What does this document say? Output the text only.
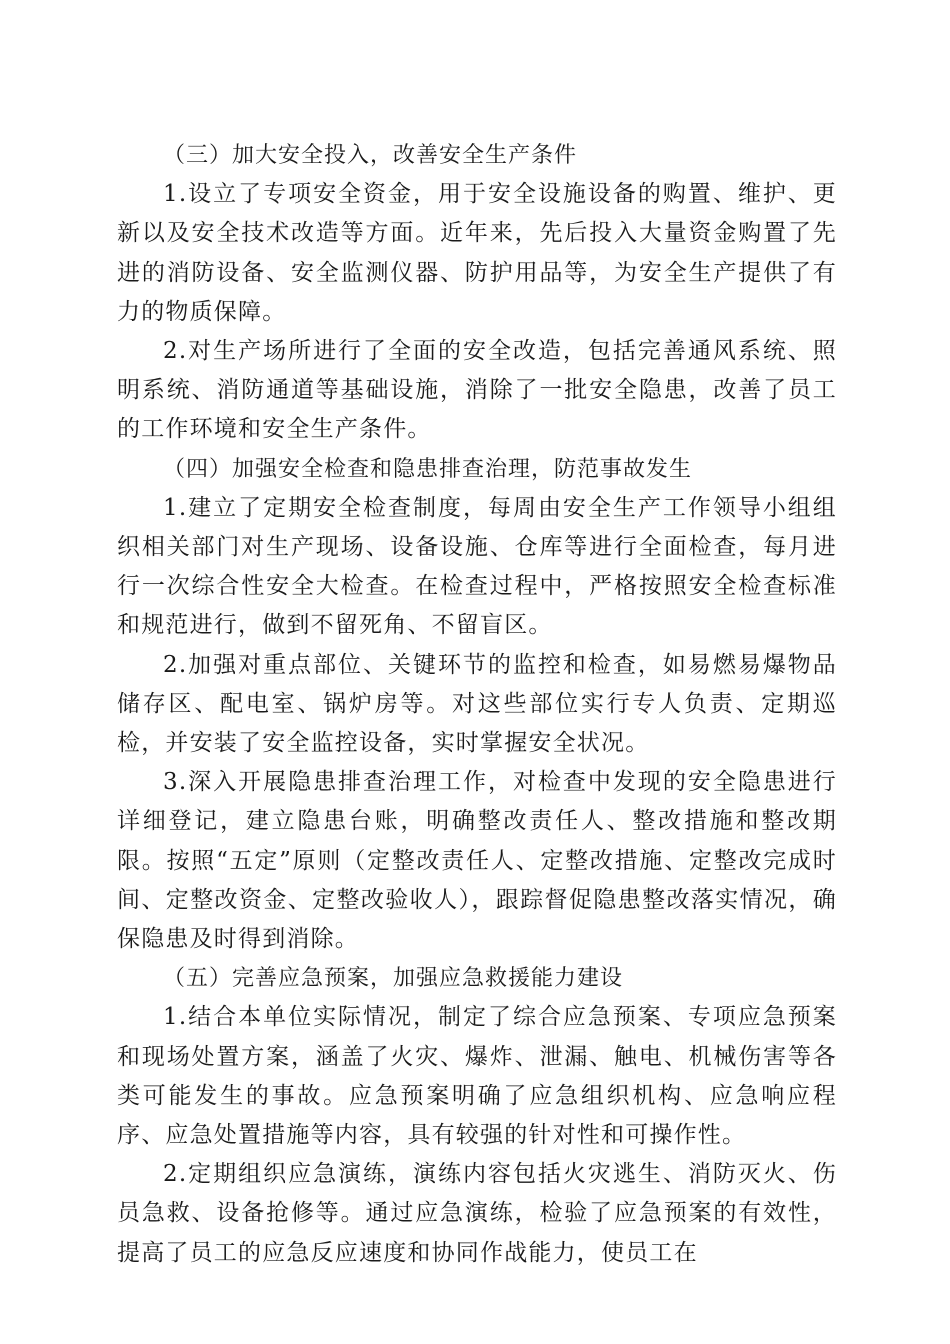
（三）加大安全投入，改善安全生产条件

1.设立了专项安全资金，用于安全设施设备的购置、维护、更新以及安全技术改造等方面。近年来，先后投入大量资金购置了先进的消防设备、安全监测仪器、防护用品等，为安全生产提供了有力的物质保障。

2.对生产场所进行了全面的安全改造，包括完善通风系统、照明系统、消防通道等基础设施，消除了一批安全隐患，改善了员工的工作环境和安全生产条件。

（四）加强安全检查和隐患排查治理，防范事故发生

1.建立了定期安全检查制度，每周由安全生产工作领导小组组织相关部门对生产现场、设备设施、仓库等进行全面检查，每月进行一次综合性安全大检查。在检查过程中，严格按照安全检查标准和规范进行，做到不留死角、不留盲区。

2.加强对重点部位、关键环节的监控和检查，如易燃易爆物品储存区、配电室、锅炉房等。对这些部位实行专人负责、定期巡检，并安装了安全监控设备，实时掌握安全状况。

3.深入开展隐患排查治理工作，对检查中发现的安全隐患进行详细登记，建立隐患台账，明确整改责任人、整改措施和整改期限。按照“五定”原则（定整改责任人、定整改措施、定整改完成时间、定整改资金、定整改验收人），跟踪督促隐患整改落实情况，确保隐患及时得到消除。

（五）完善应急预案，加强应急救援能力建设

1.结合本单位实际情况，制定了综合应急预案、专项应急预案和现场处置方案，涵盖了火灾、爆炸、泄漏、触电、机械伤害等各类可能发生的事故。应急预案明确了应急组织机构、应急响应程序、应急处置措施等内容，具有较强的针对性和可操作性。

2.定期组织应急演练，演练内容包括火灾逃生、消防灭火、伤员急救、设备抢修等。通过应急演练，检验了应急预案的有效性，提高了员工的应急反应速度和协同作战能力，使员工在
